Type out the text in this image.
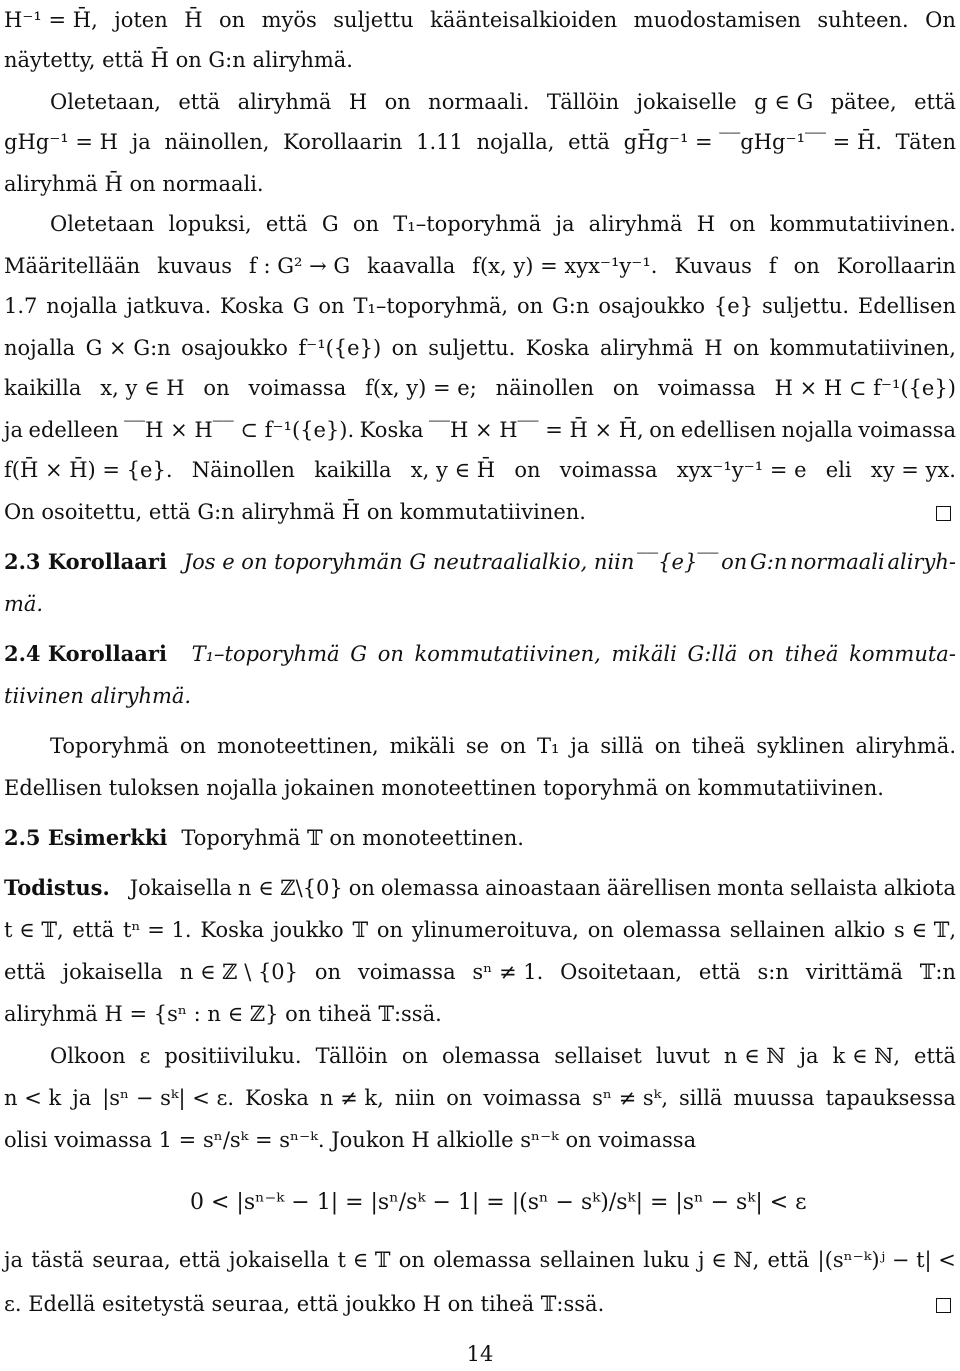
H⁻¹ = H̄, joten H̄ on myös suljettu käänteisalkioiden muodostamisen suhteen. On
näytetty, että H̄ on G:n aliryhmä.
Oletetaan, että aliryhmä H on normaali. Tällöin jokaiselle g ∈ G pätee, että
gHg⁻¹ = H ja näinollen, Korollaarin 1.11 nojalla, että gH̄g⁻¹ = ‾‾gHg⁻¹‾‾ = H̄. Täten
aliryhmä H̄ on normaali.
Oletetaan lopuksi, että G on T₁–toporyhmä ja aliryhmä H on kommutatiivinen.
Määritellään kuvaus f : G² → G kaavalla f(x, y) = xyx⁻¹y⁻¹. Kuvaus f on Korollaarin
1.7 nojalla jatkuva. Koska G on T₁–toporyhmä, on G:n osajoukko {e} suljettu. Edellisen
nojalla G × G:n osajoukko f⁻¹({e}) on suljettu. Koska aliryhmä H on kommutatiivinen,
kaikilla x, y ∈ H on voimassa f(x, y) = e; näinollen on voimassa H × H ⊂ f⁻¹({e})
ja edelleen ‾‾H × H‾‾ ⊂ f⁻¹({e}). Koska ‾‾H × H‾‾ = H̄ × H̄, on edellisen nojalla voimassa
f(H̄ × H̄) = {e}. Näinollen kaikilla x, y ∈ H̄ on voimassa xyx⁻¹y⁻¹ = e eli xy = yx.
On osoitettu, että G:n aliryhmä H̄ on kommutatiivinen.
2.3 Korollaari Jos e on toporyhmän G neutraalialkio, niin ‾‾{e}‾‾ on G:n normaali aliryh-
mä.
2.4 Korollaari T₁–toporyhmä G on kommutatiivinen, mikäli G:llä on tiheä kommuta-
tiivinen aliryhmä.
Toporyhmä on monoteettinen, mikäli se on T₁ ja sillä on tiheä syklinen aliryhmä.
Edellisen tuloksen nojalla jokainen monoteettinen toporyhmä on kommutatiivinen.
2.5 Esimerkki Toporyhmä 𝕋 on monoteettinen.
Todistus. Jokaisella n ∈ ℤ\{0} on olemassa ainoastaan äärellisen monta sellaista alkiota
t ∈ 𝕋, että tⁿ = 1. Koska joukko 𝕋 on ylinumeroituva, on olemassa sellainen alkio s ∈ 𝕋,
että jokaisella n ∈ ℤ \ {0} on voimassa sⁿ ≠ 1. Osoitetaan, että s:n virittämä 𝕋:n
aliryhmä H = {sⁿ : n ∈ ℤ} on tiheä 𝕋:ssä.
Olkoon ε positiiviluku. Tällöin on olemassa sellaiset luvut n ∈ ℕ ja k ∈ ℕ, että
n < k ja |sⁿ − sᵏ| < ε. Koska n ≠ k, niin on voimassa sⁿ ≠ sᵏ, sillä muussa tapauksessa
olisi voimassa 1 = sⁿ/sᵏ = sⁿ⁻ᵏ. Joukon H alkiolle sⁿ⁻ᵏ on voimassa
ja tästä seuraa, että jokaisella t ∈ 𝕋 on olemassa sellainen luku j ∈ ℕ, että |(sⁿ⁻ᵏ)ʲ − t| <
ε. Edellä esitetystä seuraa, että joukko H on tiheä 𝕋:ssä.
0 < |sⁿ⁻ᵏ − 1| = |sⁿ/sᵏ − 1| = |(sⁿ − sᵏ)/sᵏ| = |sⁿ − sᵏ| < ε
14
